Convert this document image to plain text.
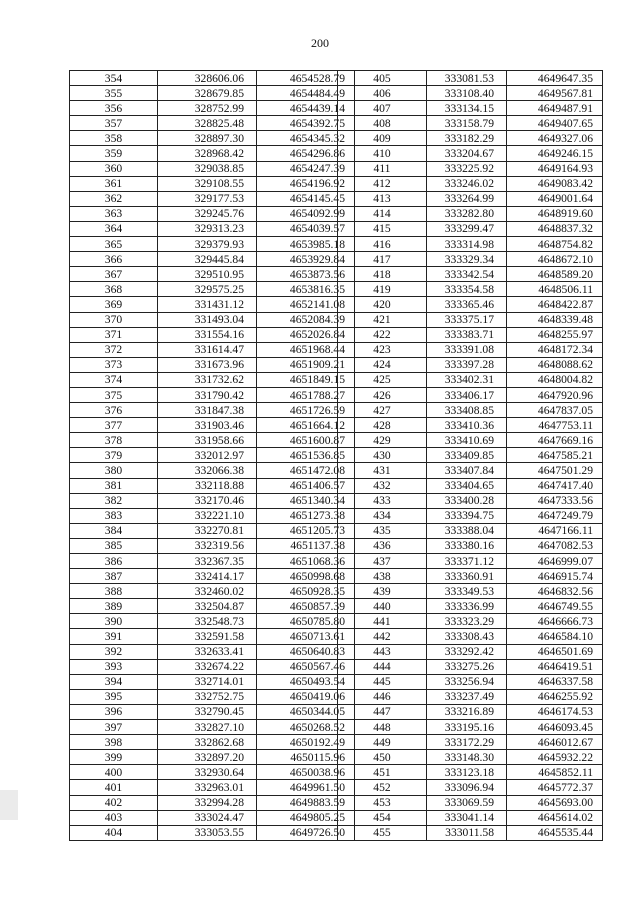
200
354	328606.06	4654528.79
355	328679.85	4654484.49
356	328752.99	4654439.14
357	328825.48	4654392.75
358	328897.30	4654345.32
359	328968.42	4654296.86
360	329038.85	4654247.39
361	329108.55	4654196.92
362	329177.53	4654145.45
363	329245.76	4654092.99
364	329313.23	4654039.57
365	329379.93	4653985.18
366	329445.84	4653929.84
367	329510.95	4653873.56
368	329575.25	4653816.35
369	331431.12	4652141.08
370	331493.04	4652084.39
371	331554.16	4652026.84
372	331614.47	4651968.44
373	331673.96	4651909.21
374	331732.62	4651849.15
375	331790.42	4651788.27
376	331847.38	4651726.59
377	331903.46	4651664.12
378	331958.66	4651600.87
379	332012.97	4651536.85
380	332066.38	4651472.08
381	332118.88	4651406.57
382	332170.46	4651340.34
383	332221.10	4651273.38
384	332270.81	4651205.73
385	332319.56	4651137.38
386	332367.35	4651068.36
387	332414.17	4650998.68
388	332460.02	4650928.35
389	332504.87	4650857.39
390	332548.73	4650785.80
391	332591.58	4650713.61
392	332633.41	4650640.83
393	332674.22	4650567.46
394	332714.01	4650493.54
395	332752.75	4650419.06
396	332790.45	4650344.05
397	332827.10	4650268.52
398	332862.68	4650192.49
399	332897.20	4650115.96
400	332930.64	4650038.96
401	332963.01	4649961.50
402	332994.28	4649883.59
403	333024.47	4649805.25
404	333053.55	4649726.50
405	333081.53	4649647.35
406	333108.40	4649567.81
407	333134.15	4649487.91
408	333158.79	4649407.65
409	333182.29	4649327.06
410	333204.67	4649246.15
411	333225.92	4649164.93
412	333246.02	4649083.42
413	333264.99	4649001.64
414	333282.80	4648919.60
415	333299.47	4648837.32
416	333314.98	4648754.82
417	333329.34	4648672.10
418	333342.54	4648589.20
419	333354.58	4648506.11
420	333365.46	4648422.87
421	333375.17	4648339.48
422	333383.71	4648255.97
423	333391.08	4648172.34
424	333397.28	4648088.62
425	333402.31	4648004.82
426	333406.17	4647920.96
427	333408.85	4647837.05
428	333410.36	4647753.11
429	333410.69	4647669.16
430	333409.85	4647585.21
431	333407.84	4647501.29
432	333404.65	4647417.40
433	333400.28	4647333.56
434	333394.75	4647249.79
435	333388.04	4647166.11
436	333380.16	4647082.53
437	333371.12	4646999.07
438	333360.91	4646915.74
439	333349.53	4646832.56
440	333336.99	4646749.55
441	333323.29	4646666.73
442	333308.43	4646584.10
443	333292.42	4646501.69
444	333275.26	4646419.51
445	333256.94	4646337.58
446	333237.49	4646255.92
447	333216.89	4646174.53
448	333195.16	4646093.45
449	333172.29	4646012.67
450	333148.30	4645932.22
451	333123.18	4645852.11
452	333096.94	4645772.37
453	333069.59	4645693.00
454	333041.14	4645614.02
455	333011.58	4645535.44
